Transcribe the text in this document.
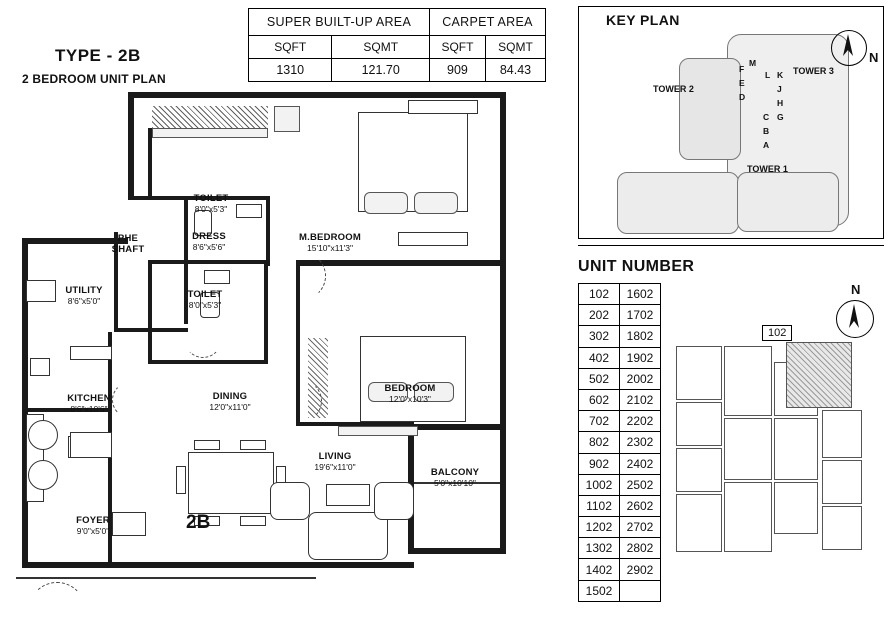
TYPE - 2B
2 BEDROOM UNIT PLAN
SUPER BUILT-UP AREA		CARPET AREA	
SQFT	SQMT	SQFT	SQMT
1310	121.70	909	84.43
DRESS
8'6"x5'6"
M.BEDROOM
15'10"x11'3"
TOILET
8'0"x5'3"
TOILET
8'0"x5'3"
PHE
SHAFT
UTILITY
8'6"x5'0"
BEDROOM
12'0"x10'3"
KITCHEN
8'6"x10'6"
DINING
12'0"x11'0"
LIVING
19'6"x11'0"
BALCONY
5'0"x10'10"
FOYER
9'0"x5'0"	2B
KEY PLAN
M
L K
J
H
G
C
B
A
F
E
D
TOWER 2
TOWER 3
TOWER 1
N
UNIT NUMBER
102	1602
202	1702
302	1802
402	1902
502	2002
602	2102
702	2202
802	2302
902	2402
1002	2502
1102	2602
1202	2702
1302	2802
1402	2902
1502	
N
102
